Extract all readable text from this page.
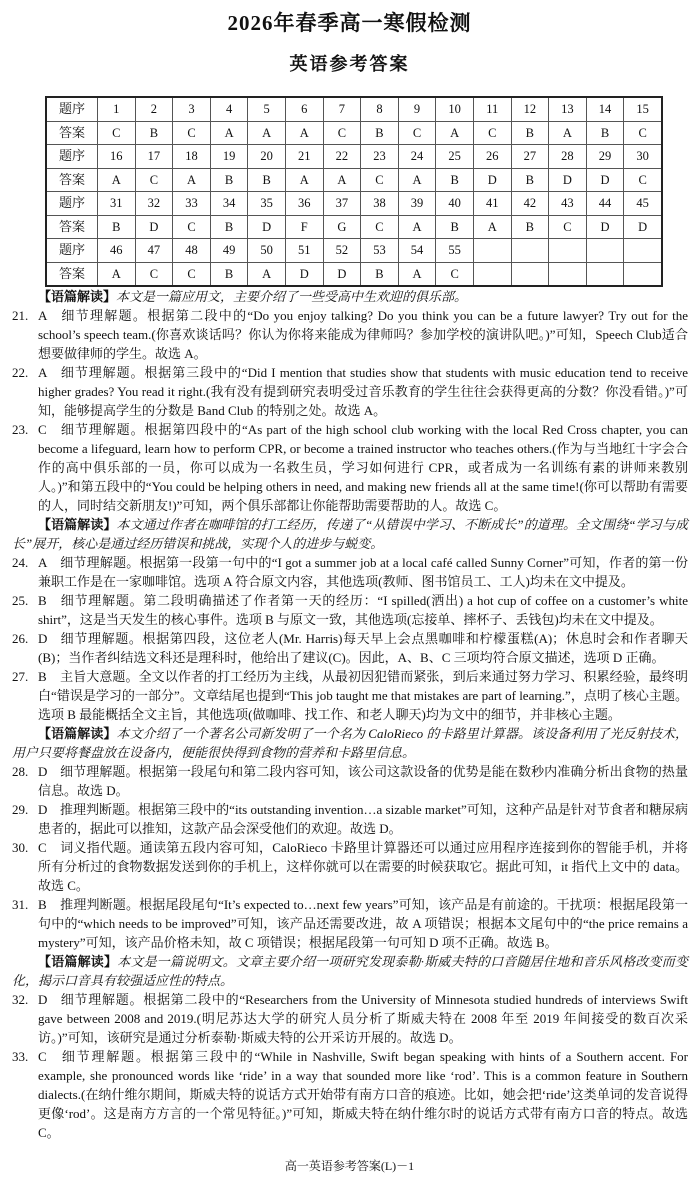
2026年春季高一寒假检测
英语参考答案
题序	1	2	3	4	5	6	7	8	9	10	11	12	13	14	15
答案	C	B	C	A	A	A	C	B	C	A	C	B	A	B	C
题序	16	17	18	19	20	21	22	23	24	25	26	27	28	29	30
答案	A	C	A	B	B	A	A	C	A	B	D	B	D	D	C
题序	31	32	33	34	35	36	37	38	39	40	41	42	43	44	45
答案	B	D	C	B	D	F	G	C	A	B	A	B	C	D	D
题序	46	47	48	49	50	51	52	53	54	55					
答案	A	C	C	B	A	D	D	B	A	C					

【语篇解读】本文是一篇应用文，主要介绍了一些受高中生欢迎的俱乐部。

21. A 细节理解题。根据第二段中的“Do you enjoy talking? Do you think you can be a future lawyer? Try out for the school’s speech team.(你喜欢谈话吗？你认为你将来能成为律师吗？参加学校的演讲队吧。)”可知，Speech Club适合想要做律师的学生。故选 A。

22. A 细节理解题。根据第三段中的“Did I mention that studies show that students with music education tend to receive higher grades? You read it right.(我有没有提到研究表明受过音乐教育的学生往往会获得更高的分数？你没看错。)”可知，能够提高学生的分数是 Band Club 的特别之处。故选 A。

23. C 细节理解题。根据第四段中的“As part of the high school club working with the local Red Cross chapter, you can become a lifeguard, learn how to perform CPR, or become a trained instructor who teaches others.(作为与当地红十字会合作的高中俱乐部的一员，你可以成为一名救生员，学习如何进行 CPR，或者成为一名训练有素的讲师来教别人。)”和第五段中的“You could be helping others in need, and making new friends all at the same time!(你可以帮助有需要的人，同时结交新朋友!)”可知，两个俱乐部都让你能帮助需要帮助的人。故选 C。

【语篇解读】本文通过作者在咖啡馆的打工经历，传递了“从错误中学习、不断成长”的道理。全文围绕“学习与成长”展开，核心是通过经历错误和挑战，实现个人的进步与蜕变。

24. A 细节理解题。根据第一段第一句中的“I got a summer job at a local café called Sunny Corner”可知，作者的第一份兼职工作是在一家咖啡馆。选项 A 符合原文内容，其他选项(教师、图书馆员工、工人)均未在文中提及。

25. B 细节理解题。第二段明确描述了作者第一天的经历：“I spilled(洒出) a hot cup of coffee on a customer’s white shirt”，这是当天发生的核心事件。选项 B 与原文一致，其他选项(忘接单、摔杯子、丢钱包)均未在文中提及。

26. D 细节理解题。根据第四段，这位老人(Mr. Harris)每天早上会点黑咖啡和柠檬蛋糕(A)；休息时会和作者聊天(B)；当作者纠结选文科还是理科时，他给出了建议(C)。因此，A、B、C 三项均符合原文描述，选项 D 正确。

27. B 主旨大意题。全文以作者的打工经历为主线，从最初因犯错而紧张，到后来通过努力学习、积累经验，最终明白“错误是学习的一部分”。文章结尾也提到“This job taught me that mistakes are part of learning.”，点明了核心主题。选项 B 最能概括全文主旨，其他选项(做咖啡、找工作、和老人聊天)均为文中的细节，并非核心主题。

【语篇解读】本文介绍了一个著名公司新发明了一个名为 CaloRieco 的卡路里计算器。该设备利用了光反射技术，用户只要将餐盘放在设备内，便能很快得到食物的营养和卡路里信息。

28. D 细节理解题。根据第一段尾句和第二段内容可知，该公司这款设备的优势是能在数秒内准确分析出食物的热量信息。故选 D。

29. D 推理判断题。根据第三段中的“its outstanding invention…a sizable market”可知，这种产品是针对节食者和糖尿病患者的，据此可以推知，这款产品会深受他们的欢迎。故选 D。

30. C 词义指代题。通读第五段内容可知，CaloRieco 卡路里计算器还可以通过应用程序连接到你的智能手机，并将所有分析过的食物数据发送到你的手机上，这样你就可以在需要的时候获取它。据此可知，it 指代上文中的 data。故选 C。

31. B 推理判断题。根据尾段尾句“It’s expected to…next few years”可知，该产品是有前途的。干扰项：根据尾段第一句中的“which needs to be improved”可知，该产品还需要改进，故 A 项错误；根据本文尾句中的“the price remains a mystery”可知，该产品价格未知，故 C 项错误；根据尾段第一句可知 D 项不正确。故选 B。

【语篇解读】本文是一篇说明文。文章主要介绍一项研究发现泰勒·斯威夫特的口音随居住地和音乐风格改变而变化，揭示口音具有较强适应性的特点。

32. D 细节理解题。根据第二段中的“Researchers from the University of Minnesota studied hundreds of interviews Swift gave between 2008 and 2019.(明尼苏达大学的研究人员分析了斯威夫特在 2008 年至 2019 年间接受的数百次采访。)”可知，该研究是通过分析泰勒·斯威夫特的公开采访开展的。故选 D。

33. C 细节理解题。根据第三段中的“While in Nashville, Swift began speaking with hints of a Southern accent. For example, she pronounced words like ‘ride’ in a way that sounded more like ‘rod’. This is a common feature in Southern dialects.(在纳什维尔期间，斯威夫特的说话方式开始带有南方口音的痕迹。比如，她会把‘ride’这类单词的发音说得更像‘rod’。这是南方方言的一个常见特征。)”可知，斯威夫特在纳什维尔时的说话方式带有南方口音的特点。故选 C。

高一英语参考答案(L)－1
